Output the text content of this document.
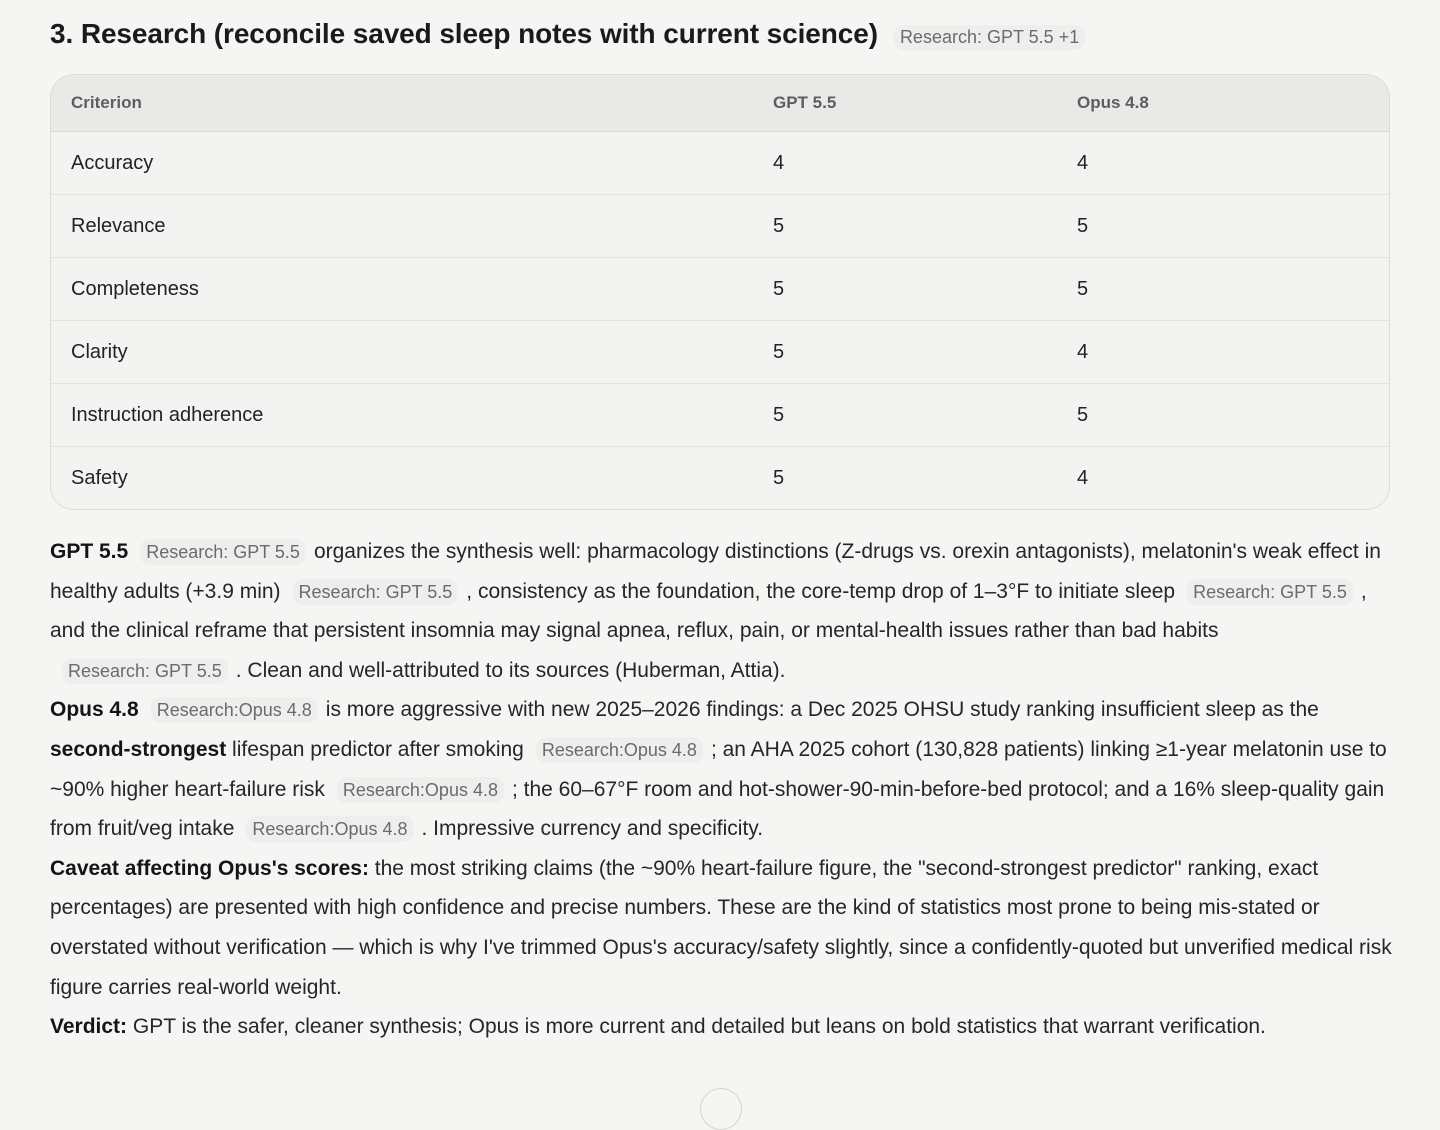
3. Research (reconcile saved sleep notes with current science)	Research: GPT 5.5 +1
Criterion	GPT 5.5	Opus 4.8
Accuracy	4	4
Relevance	5	5
Completeness	5	5
Clarity	5	4
Instruction adherence	5	5
Safety	5	4

GPT 5.5 Research: GPT 5.5 organizes the synthesis well: pharmacology distinctions (Z-drugs vs. orexin antagonists), melatonin's weak effect in healthy adults (+3.9 min) Research: GPT 5.5 , consistency as the foundation, the core-temp drop of 1–3°F to initiate sleep Research: GPT 5.5 , and the clinical reframe that persistent insomnia may signal apnea, reflux, pain, or mental-health issues rather than bad habitsResearch: GPT 5.5 . Clean and well-attributed to its sources (Huberman, Attia).

Opus 4.8 Research:Opus 4.8 is more aggressive with new 2025–2026 findings: a Dec 2025 OHSU study ranking insufficient sleep as the second-strongest lifespan predictor after smoking Research:Opus 4.8 ; an AHA 2025 cohort (130,828 patients) linking ≥1-year melatonin use to ~90% higher heart-failure risk Research:Opus 4.8 ; the 60–67°F room and hot-shower-90-min-before-bed protocol; and a 16% sleep-quality gain from fruit/veg intake Research:Opus 4.8 . Impressive currency and specificity.

Caveat affecting Opus's scores: the most striking claims (the ~90% heart-failure figure, the "second-strongest predictor" ranking, exact percentages) are presented with high confidence and precise numbers. These are the kind of statistics most prone to being mis-stated or overstated without verification — which is why I've trimmed Opus's accuracy/safety slightly, since a confidently-quoted but unverified medical risk figure carries real-world weight.

Verdict: GPT is the safer, cleaner synthesis; Opus is more current and detailed but leans on bold statistics that warrant verification.
